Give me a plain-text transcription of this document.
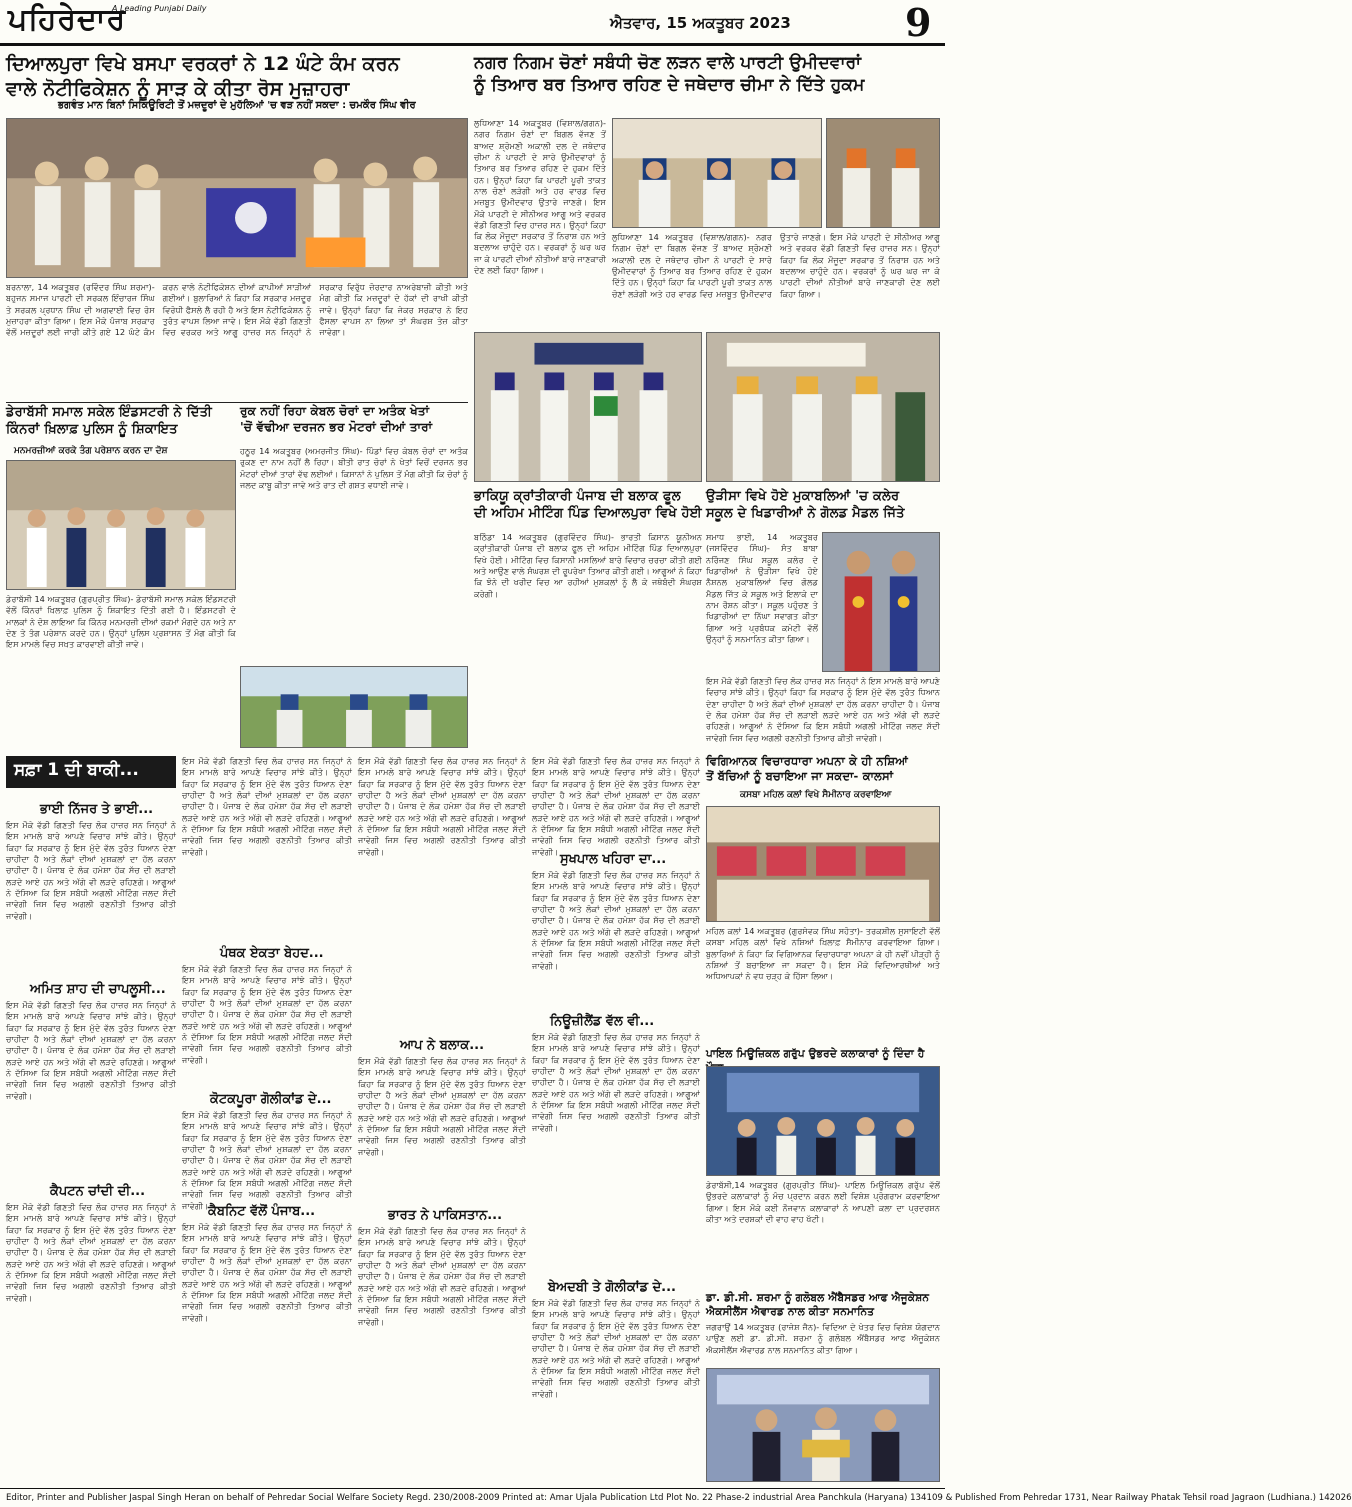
ਪਹਿਰੇਦਾਰ
A Leading Punjabi Daily
ਐਤਵਾਰ, 15 ਅਕਤੂਬਰ 2023	9
ਦਿਆਲਪੁਰਾ ਵਿਖੇ ਬਸਪਾ ਵਰਕਰਾਂ ਨੇ 12 ਘੰਟੇ ਕੰਮ ਕਰਨ
ਵਾਲੇ ਨੋਟੀਫਿਕੇਸ਼ਨ ਨੂੰ ਸਾੜ ਕੇ ਕੀਤਾ ਰੋਸ ਮੁਜ਼ਾਹਰਾ
ਭਗਵੰਤ ਮਾਨ ਬਿਨਾਂ ਸਿਕਿਊਰਿਟੀ ਤੋਂ ਮਜ਼ਦੂਰਾਂ ਦੇ ਮੁਹੱਲਿਆਂ 'ਚ ਵੜ ਨਹੀਂ ਸਕਦਾ : ਚਮਕੌਰ ਸਿੰਘ ਵੀਰ
ਬਰਨਾਲਾ, 14 ਅਕਤੂਬਰ (ਰਵਿੰਦਰ ਸਿੰਘ ਸ਼ਰਮਾ)- ਬਹੁਜਨ ਸਮਾਜ ਪਾਰਟੀ ਦੀ ਸਰਕਲ ਇੰਚਾਰਜ ਸਿੰਘ ਤੇ ਸਰਕਲ ਪ੍ਰਧਾਨ ਸਿੰਘ ਦੀ ਅਗਵਾਈ ਵਿਚ ਰੋਸ ਮੁਜ਼ਾਹਰਾ ਕੀਤਾ ਗਿਆ। ਇਸ ਮੌਕੇ ਪੰਜਾਬ ਸਰਕਾਰ ਵੱਲੋਂ ਮਜ਼ਦੂਰਾਂ ਲਈ ਜਾਰੀ ਕੀਤੇ ਗਏ 12 ਘੰਟੇ ਕੰਮ ਕਰਨ ਵਾਲੇ ਨੋਟੀਫਿਕੇਸ਼ਨ ਦੀਆਂ ਕਾਪੀਆਂ ਸਾੜੀਆਂ ਗਈਆਂ। ਬੁਲਾਰਿਆਂ ਨੇ ਕਿਹਾ ਕਿ ਸਰਕਾਰ ਮਜ਼ਦੂਰ ਵਿਰੋਧੀ ਫੈਸਲੇ ਲੈ ਰਹੀ ਹੈ ਅਤੇ ਇਸ ਨੋਟੀਫਿਕੇਸ਼ਨ ਨੂੰ ਤੁਰੰਤ ਵਾਪਸ ਲਿਆ ਜਾਵੇ। ਇਸ ਮੌਕੇ ਵੱਡੀ ਗਿਣਤੀ ਵਿਚ ਵਰਕਰ ਅਤੇ ਆਗੂ ਹਾਜ਼ਰ ਸਨ ਜਿਨ੍ਹਾਂ ਨੇ ਸਰਕਾਰ ਵਿਰੁੱਧ ਜ਼ੋਰਦਾਰ ਨਾਅਰੇਬਾਜ਼ੀ ਕੀਤੀ ਅਤੇ ਮੰਗ ਕੀਤੀ ਕਿ ਮਜ਼ਦੂਰਾਂ ਦੇ ਹੱਕਾਂ ਦੀ ਰਾਖੀ ਕੀਤੀ ਜਾਵੇ। ਉਨ੍ਹਾਂ ਕਿਹਾ ਕਿ ਜੇਕਰ ਸਰਕਾਰ ਨੇ ਇਹ ਫੈਸਲਾ ਵਾਪਸ ਨਾ ਲਿਆ ਤਾਂ ਸੰਘਰਸ਼ ਤੇਜ਼ ਕੀਤਾ ਜਾਵੇਗਾ।
ਨਗਰ ਨਿਗਮ ਚੋਣਾਂ ਸਬੰਧੀ ਚੋਣ ਲੜਨ ਵਾਲੇ ਪਾਰਟੀ ਉਮੀਦਵਾਰਾਂ
ਨੂੰ ਤਿਆਰ ਬਰ ਤਿਆਰ ਰਹਿਣ ਦੇ ਜਥੇਦਾਰ ਚੀਮਾ ਨੇ ਦਿੱਤੇ ਹੁਕਮ
ਲੁਧਿਆਣਾ 14 ਅਕਤੂਬਰ (ਵਿਸ਼ਾਲ/ਗਗਨ)- ਨਗਰ ਨਿਗਮ ਚੋਣਾਂ ਦਾ ਬਿਗਲ ਵੱਜਣ ਤੋਂ ਬਾਅਦ ਸ਼੍ਰੋਮਣੀ ਅਕਾਲੀ ਦਲ ਦੇ ਜਥੇਦਾਰ ਚੀਮਾ ਨੇ ਪਾਰਟੀ ਦੇ ਸਾਰੇ ਉਮੀਦਵਾਰਾਂ ਨੂੰ ਤਿਆਰ ਬਰ ਤਿਆਰ ਰਹਿਣ ਦੇ ਹੁਕਮ ਦਿੱਤੇ ਹਨ। ਉਨ੍ਹਾਂ ਕਿਹਾ ਕਿ ਪਾਰਟੀ ਪੂਰੀ ਤਾਕਤ ਨਾਲ ਚੋਣਾਂ ਲੜੇਗੀ ਅਤੇ ਹਰ ਵਾਰਡ ਵਿਚ ਮਜ਼ਬੂਤ ਉਮੀਦਵਾਰ ਉਤਾਰੇ ਜਾਣਗੇ। ਇਸ ਮੌਕੇ ਪਾਰਟੀ ਦੇ ਸੀਨੀਅਰ ਆਗੂ ਅਤੇ ਵਰਕਰ ਵੱਡੀ ਗਿਣਤੀ ਵਿਚ ਹਾਜ਼ਰ ਸਨ। ਉਨ੍ਹਾਂ ਕਿਹਾ ਕਿ ਲੋਕ ਮੌਜੂਦਾ ਸਰਕਾਰ ਤੋਂ ਨਿਰਾਸ਼ ਹਨ ਅਤੇ ਬਦਲਾਅ ਚਾਹੁੰਦੇ ਹਨ। ਵਰਕਰਾਂ ਨੂੰ ਘਰ ਘਰ ਜਾ ਕੇ ਪਾਰਟੀ ਦੀਆਂ ਨੀਤੀਆਂ ਬਾਰੇ ਜਾਣਕਾਰੀ ਦੇਣ ਲਈ ਕਿਹਾ ਗਿਆ।
ਲੁਧਿਆਣਾ 14 ਅਕਤੂਬਰ (ਵਿਸ਼ਾਲ/ਗਗਨ)- ਨਗਰ ਨਿਗਮ ਚੋਣਾਂ ਦਾ ਬਿਗਲ ਵੱਜਣ ਤੋਂ ਬਾਅਦ ਸ਼੍ਰੋਮਣੀ ਅਕਾਲੀ ਦਲ ਦੇ ਜਥੇਦਾਰ ਚੀਮਾ ਨੇ ਪਾਰਟੀ ਦੇ ਸਾਰੇ ਉਮੀਦਵਾਰਾਂ ਨੂੰ ਤਿਆਰ ਬਰ ਤਿਆਰ ਰਹਿਣ ਦੇ ਹੁਕਮ ਦਿੱਤੇ ਹਨ। ਉਨ੍ਹਾਂ ਕਿਹਾ ਕਿ ਪਾਰਟੀ ਪੂਰੀ ਤਾਕਤ ਨਾਲ ਚੋਣਾਂ ਲੜੇਗੀ ਅਤੇ ਹਰ ਵਾਰਡ ਵਿਚ ਮਜ਼ਬੂਤ ਉਮੀਦਵਾਰ ਉਤਾਰੇ ਜਾਣਗੇ। ਇਸ ਮੌਕੇ ਪਾਰਟੀ ਦੇ ਸੀਨੀਅਰ ਆਗੂ ਅਤੇ ਵਰਕਰ ਵੱਡੀ ਗਿਣਤੀ ਵਿਚ ਹਾਜ਼ਰ ਸਨ। ਉਨ੍ਹਾਂ ਕਿਹਾ ਕਿ ਲੋਕ ਮੌਜੂਦਾ ਸਰਕਾਰ ਤੋਂ ਨਿਰਾਸ਼ ਹਨ ਅਤੇ ਬਦਲਾਅ ਚਾਹੁੰਦੇ ਹਨ। ਵਰਕਰਾਂ ਨੂੰ ਘਰ ਘਰ ਜਾ ਕੇ ਪਾਰਟੀ ਦੀਆਂ ਨੀਤੀਆਂ ਬਾਰੇ ਜਾਣਕਾਰੀ ਦੇਣ ਲਈ ਕਿਹਾ ਗਿਆ।
ਡੇਰਾਬੱਸੀ ਸਮਾਲ ਸਕੇਲ ਇੰਡਸਟਰੀ ਨੇ ਦਿੱਤੀ
ਕਿੰਨਰਾਂ ਖ਼ਿਲਾਫ਼ ਪੁਲਿਸ ਨੂੰ ਸ਼ਿਕਾਇਤ
ਮਨਮਰਜ਼ੀਆਂ ਕਰਕੇ ਤੰਗ ਪਰੇਸ਼ਾਨ ਕਰਨ ਦਾ ਦੋਸ਼
ਡੇਰਾਬੱਸੀ 14 ਅਕਤੂਬਰ (ਗੁਰਪ੍ਰੀਤ ਸਿੰਘ)- ਡੇਰਾਬੱਸੀ ਸਮਾਲ ਸਕੇਲ ਇੰਡਸਟਰੀ ਵੱਲੋਂ ਕਿੰਨਰਾਂ ਖ਼ਿਲਾਫ਼ ਪੁਲਿਸ ਨੂੰ ਸ਼ਿਕਾਇਤ ਦਿੱਤੀ ਗਈ ਹੈ। ਇੰਡਸਟਰੀ ਦੇ ਮਾਲਕਾਂ ਨੇ ਦੋਸ਼ ਲਾਇਆ ਕਿ ਕਿੰਨਰ ਮਨਮਰਜ਼ੀ ਦੀਆਂ ਰਕਮਾਂ ਮੰਗਦੇ ਹਨ ਅਤੇ ਨਾ ਦੇਣ ਤੇ ਤੰਗ ਪਰੇਸ਼ਾਨ ਕਰਦੇ ਹਨ। ਉਨ੍ਹਾਂ ਪੁਲਿਸ ਪ੍ਰਸ਼ਾਸਨ ਤੋਂ ਮੰਗ ਕੀਤੀ ਕਿ ਇਸ ਮਾਮਲੇ ਵਿਚ ਸਖ਼ਤ ਕਾਰਵਾਈ ਕੀਤੀ ਜਾਵੇ।
ਰੁਕ ਨਹੀਂ ਰਿਹਾ ਕੇਬਲ ਚੋਰਾਂ ਦਾ ਅਤੰਕ ਖੇਤਾਂ
'ਚੋਂ ਵੱਢੀਆ ਦਰਜਨ ਭਰ ਮੋਟਰਾਂ ਦੀਆਂ ਤਾਰਾਂ
ਹਠੂਰ 14 ਅਕਤੂਬਰ (ਅਮਰਜੀਤ ਸਿੰਘ)- ਪਿੰਡਾਂ ਵਿਚ ਕੇਬਲ ਚੋਰਾਂ ਦਾ ਅਤੰਕ ਰੁਕਣ ਦਾ ਨਾਮ ਨਹੀਂ ਲੈ ਰਿਹਾ। ਬੀਤੀ ਰਾਤ ਚੋਰਾਂ ਨੇ ਖੇਤਾਂ ਵਿਚੋਂ ਦਰਜਨ ਭਰ ਮੋਟਰਾਂ ਦੀਆਂ ਤਾਰਾਂ ਵੱਢ ਲਈਆਂ। ਕਿਸਾਨਾਂ ਨੇ ਪੁਲਿਸ ਤੋਂ ਮੰਗ ਕੀਤੀ ਕਿ ਚੋਰਾਂ ਨੂੰ ਜਲਦ ਕਾਬੂ ਕੀਤਾ ਜਾਵੇ ਅਤੇ ਰਾਤ ਦੀ ਗਸ਼ਤ ਵਧਾਈ ਜਾਵੇ।
ਭਾਕਿਯੂ ਕ੍ਰਾਂਤੀਕਾਰੀ ਪੰਜਾਬ ਦੀ ਬਲਾਕ ਫੂਲ
ਦੀ ਅਹਿਮ ਮੀਟਿੰਗ ਪਿੰਡ ਦਿਆਲਪੁਰਾ ਵਿਖੇ ਹੋਈ
ਬਠਿੰਡਾ 14 ਅਕਤੂਬਰ (ਗੁਰਵਿੰਦਰ ਸਿੰਘ)- ਭਾਰਤੀ ਕਿਸਾਨ ਯੂਨੀਅਨ ਕ੍ਰਾਂਤੀਕਾਰੀ ਪੰਜਾਬ ਦੀ ਬਲਾਕ ਫੂਲ ਦੀ ਅਹਿਮ ਮੀਟਿੰਗ ਪਿੰਡ ਦਿਆਲਪੁਰਾ ਵਿਖੇ ਹੋਈ। ਮੀਟਿੰਗ ਵਿਚ ਕਿਸਾਨੀ ਮਸਲਿਆਂ ਬਾਰੇ ਵਿਚਾਰ ਚਰਚਾ ਕੀਤੀ ਗਈ ਅਤੇ ਆਉਣ ਵਾਲੇ ਸੰਘਰਸ਼ ਦੀ ਰੂਪਰੇਖਾ ਤਿਆਰ ਕੀਤੀ ਗਈ। ਆਗੂਆਂ ਨੇ ਕਿਹਾ ਕਿ ਝੋਨੇ ਦੀ ਖਰੀਦ ਵਿਚ ਆ ਰਹੀਆਂ ਮੁਸ਼ਕਲਾਂ ਨੂੰ ਲੈ ਕੇ ਜਥੇਬੰਦੀ ਸੰਘਰਸ਼ ਕਰੇਗੀ।
ਉੜੀਸਾ ਵਿਖੇ ਹੋਏ ਮੁਕਾਬਲਿਆਂ 'ਚ ਕਲੇਰ
ਸਕੂਲ ਦੇ ਖਿਡਾਰੀਆਂ ਨੇ ਗੋਲਡ ਮੈਡਲ ਜਿੱਤੇ
ਸਮਾਧ ਭਾਈ, 14 ਅਕਤੂਬਰ (ਜਸਵਿੰਦਰ ਸਿੰਘ)- ਸੰਤ ਬਾਬਾ ਨਰਿੰਜਣ ਸਿੰਘ ਸਕੂਲ ਕਲੇਰ ਦੇ ਖਿਡਾਰੀਆਂ ਨੇ ਉੜੀਸਾ ਵਿਖੇ ਹੋਏ ਨੈਸ਼ਨਲ ਮੁਕਾਬਲਿਆਂ ਵਿਚ ਗੋਲਡ ਮੈਡਲ ਜਿੱਤ ਕੇ ਸਕੂਲ ਅਤੇ ਇਲਾਕੇ ਦਾ ਨਾਮ ਰੌਸ਼ਨ ਕੀਤਾ। ਸਕੂਲ ਪਹੁੰਚਣ ਤੇ ਖਿਡਾਰੀਆਂ ਦਾ ਨਿੱਘਾ ਸਵਾਗਤ ਕੀਤਾ ਗਿਆ ਅਤੇ ਪ੍ਰਬੰਧਕ ਕਮੇਟੀ ਵੱਲੋਂ ਉਨ੍ਹਾਂ ਨੂੰ ਸਨਮਾਨਿਤ ਕੀਤਾ ਗਿਆ।
ਇਸ ਮੌਕੇ ਵੱਡੀ ਗਿਣਤੀ ਵਿਚ ਲੋਕ ਹਾਜ਼ਰ ਸਨ ਜਿਨ੍ਹਾਂ ਨੇ ਇਸ ਮਾਮਲੇ ਬਾਰੇ ਆਪਣੇ ਵਿਚਾਰ ਸਾਂਝੇ ਕੀਤੇ। ਉਨ੍ਹਾਂ ਕਿਹਾ ਕਿ ਸਰਕਾਰ ਨੂੰ ਇਸ ਮੁੱਦੇ ਵੱਲ ਤੁਰੰਤ ਧਿਆਨ ਦੇਣਾ ਚਾਹੀਦਾ ਹੈ ਅਤੇ ਲੋਕਾਂ ਦੀਆਂ ਮੁਸ਼ਕਲਾਂ ਦਾ ਹੱਲ ਕਰਨਾ ਚਾਹੀਦਾ ਹੈ। ਪੰਜਾਬ ਦੇ ਲੋਕ ਹਮੇਸ਼ਾ ਹੱਕ ਸੱਚ ਦੀ ਲੜਾਈ ਲੜਦੇ ਆਏ ਹਨ ਅਤੇ ਅੱਗੇ ਵੀ ਲੜਦੇ ਰਹਿਣਗੇ। ਆਗੂਆਂ ਨੇ ਦੱਸਿਆ ਕਿ ਇਸ ਸਬੰਧੀ ਅਗਲੀ ਮੀਟਿੰਗ ਜਲਦ ਸੱਦੀ ਜਾਵੇਗੀ ਜਿਸ ਵਿਚ ਅਗਲੀ ਰਣਨੀਤੀ ਤਿਆਰ ਕੀਤੀ ਜਾਵੇਗੀ।
ਵਿਗਿਆਨਕ ਵਿਚਾਰਧਾਰਾ ਅਪਨਾ ਕੇ ਹੀ ਨਸ਼ਿਆਂ
ਤੋਂ ਬੱਚਿਆਂ ਨੂੰ ਬਚਾਇਆ ਜਾ ਸਕਦਾ- ਕਾਲਸਾਂ
ਕਸਬਾ ਮਹਿਲ ਕਲਾਂ ਵਿਖੇ ਸੈਮੀਨਾਰ ਕਰਵਾਇਆ
ਮਹਿਲ ਕਲਾਂ 14 ਅਕਤੂਬਰ (ਗੁਰਸੇਵਕ ਸਿੰਘ ਸਹੋਤਾ)- ਤਰਕਸ਼ੀਲ ਸੁਸਾਇਟੀ ਵੱਲੋਂ ਕਸਬਾ ਮਹਿਲ ਕਲਾਂ ਵਿਖੇ ਨਸ਼ਿਆਂ ਖ਼ਿਲਾਫ਼ ਸੈਮੀਨਾਰ ਕਰਵਾਇਆ ਗਿਆ। ਬੁਲਾਰਿਆਂ ਨੇ ਕਿਹਾ ਕਿ ਵਿਗਿਆਨਕ ਵਿਚਾਰਧਾਰਾ ਅਪਨਾ ਕੇ ਹੀ ਨਵੀਂ ਪੀੜ੍ਹੀ ਨੂੰ ਨਸ਼ਿਆਂ ਤੋਂ ਬਚਾਇਆ ਜਾ ਸਕਦਾ ਹੈ। ਇਸ ਮੌਕੇ ਵਿਦਿਆਰਥੀਆਂ ਅਤੇ ਅਧਿਆਪਕਾਂ ਨੇ ਵਧ ਚੜ੍ਹ ਕੇ ਹਿੱਸਾ ਲਿਆ।
ਸਫ਼ਾ 1 ਦੀ ਬਾਕੀ...
ਭਾਈ ਨਿੱਜਰ ਤੇ ਭਾਈ...
ਇਸ ਮੌਕੇ ਵੱਡੀ ਗਿਣਤੀ ਵਿਚ ਲੋਕ ਹਾਜ਼ਰ ਸਨ ਜਿਨ੍ਹਾਂ ਨੇ ਇਸ ਮਾਮਲੇ ਬਾਰੇ ਆਪਣੇ ਵਿਚਾਰ ਸਾਂਝੇ ਕੀਤੇ। ਉਨ੍ਹਾਂ ਕਿਹਾ ਕਿ ਸਰਕਾਰ ਨੂੰ ਇਸ ਮੁੱਦੇ ਵੱਲ ਤੁਰੰਤ ਧਿਆਨ ਦੇਣਾ ਚਾਹੀਦਾ ਹੈ ਅਤੇ ਲੋਕਾਂ ਦੀਆਂ ਮੁਸ਼ਕਲਾਂ ਦਾ ਹੱਲ ਕਰਨਾ ਚਾਹੀਦਾ ਹੈ। ਪੰਜਾਬ ਦੇ ਲੋਕ ਹਮੇਸ਼ਾ ਹੱਕ ਸੱਚ ਦੀ ਲੜਾਈ ਲੜਦੇ ਆਏ ਹਨ ਅਤੇ ਅੱਗੇ ਵੀ ਲੜਦੇ ਰਹਿਣਗੇ। ਆਗੂਆਂ ਨੇ ਦੱਸਿਆ ਕਿ ਇਸ ਸਬੰਧੀ ਅਗਲੀ ਮੀਟਿੰਗ ਜਲਦ ਸੱਦੀ ਜਾਵੇਗੀ ਜਿਸ ਵਿਚ ਅਗਲੀ ਰਣਨੀਤੀ ਤਿਆਰ ਕੀਤੀ ਜਾਵੇਗੀ।
ਅਮਿਤ ਸ਼ਾਹ ਦੀ ਚਾਪਲੂਸੀ...
ਇਸ ਮੌਕੇ ਵੱਡੀ ਗਿਣਤੀ ਵਿਚ ਲੋਕ ਹਾਜ਼ਰ ਸਨ ਜਿਨ੍ਹਾਂ ਨੇ ਇਸ ਮਾਮਲੇ ਬਾਰੇ ਆਪਣੇ ਵਿਚਾਰ ਸਾਂਝੇ ਕੀਤੇ। ਉਨ੍ਹਾਂ ਕਿਹਾ ਕਿ ਸਰਕਾਰ ਨੂੰ ਇਸ ਮੁੱਦੇ ਵੱਲ ਤੁਰੰਤ ਧਿਆਨ ਦੇਣਾ ਚਾਹੀਦਾ ਹੈ ਅਤੇ ਲੋਕਾਂ ਦੀਆਂ ਮੁਸ਼ਕਲਾਂ ਦਾ ਹੱਲ ਕਰਨਾ ਚਾਹੀਦਾ ਹੈ। ਪੰਜਾਬ ਦੇ ਲੋਕ ਹਮੇਸ਼ਾ ਹੱਕ ਸੱਚ ਦੀ ਲੜਾਈ ਲੜਦੇ ਆਏ ਹਨ ਅਤੇ ਅੱਗੇ ਵੀ ਲੜਦੇ ਰਹਿਣਗੇ। ਆਗੂਆਂ ਨੇ ਦੱਸਿਆ ਕਿ ਇਸ ਸਬੰਧੀ ਅਗਲੀ ਮੀਟਿੰਗ ਜਲਦ ਸੱਦੀ ਜਾਵੇਗੀ ਜਿਸ ਵਿਚ ਅਗਲੀ ਰਣਨੀਤੀ ਤਿਆਰ ਕੀਤੀ ਜਾਵੇਗੀ।
ਕੈਪਟਨ ਚਾਂਦੀ ਦੀ...
ਇਸ ਮੌਕੇ ਵੱਡੀ ਗਿਣਤੀ ਵਿਚ ਲੋਕ ਹਾਜ਼ਰ ਸਨ ਜਿਨ੍ਹਾਂ ਨੇ ਇਸ ਮਾਮਲੇ ਬਾਰੇ ਆਪਣੇ ਵਿਚਾਰ ਸਾਂਝੇ ਕੀਤੇ। ਉਨ੍ਹਾਂ ਕਿਹਾ ਕਿ ਸਰਕਾਰ ਨੂੰ ਇਸ ਮੁੱਦੇ ਵੱਲ ਤੁਰੰਤ ਧਿਆਨ ਦੇਣਾ ਚਾਹੀਦਾ ਹੈ ਅਤੇ ਲੋਕਾਂ ਦੀਆਂ ਮੁਸ਼ਕਲਾਂ ਦਾ ਹੱਲ ਕਰਨਾ ਚਾਹੀਦਾ ਹੈ। ਪੰਜਾਬ ਦੇ ਲੋਕ ਹਮੇਸ਼ਾ ਹੱਕ ਸੱਚ ਦੀ ਲੜਾਈ ਲੜਦੇ ਆਏ ਹਨ ਅਤੇ ਅੱਗੇ ਵੀ ਲੜਦੇ ਰਹਿਣਗੇ। ਆਗੂਆਂ ਨੇ ਦੱਸਿਆ ਕਿ ਇਸ ਸਬੰਧੀ ਅਗਲੀ ਮੀਟਿੰਗ ਜਲਦ ਸੱਦੀ ਜਾਵੇਗੀ ਜਿਸ ਵਿਚ ਅਗਲੀ ਰਣਨੀਤੀ ਤਿਆਰ ਕੀਤੀ ਜਾਵੇਗੀ।
ਇਸ ਮੌਕੇ ਵੱਡੀ ਗਿਣਤੀ ਵਿਚ ਲੋਕ ਹਾਜ਼ਰ ਸਨ ਜਿਨ੍ਹਾਂ ਨੇ ਇਸ ਮਾਮਲੇ ਬਾਰੇ ਆਪਣੇ ਵਿਚਾਰ ਸਾਂਝੇ ਕੀਤੇ। ਉਨ੍ਹਾਂ ਕਿਹਾ ਕਿ ਸਰਕਾਰ ਨੂੰ ਇਸ ਮੁੱਦੇ ਵੱਲ ਤੁਰੰਤ ਧਿਆਨ ਦੇਣਾ ਚਾਹੀਦਾ ਹੈ ਅਤੇ ਲੋਕਾਂ ਦੀਆਂ ਮੁਸ਼ਕਲਾਂ ਦਾ ਹੱਲ ਕਰਨਾ ਚਾਹੀਦਾ ਹੈ। ਪੰਜਾਬ ਦੇ ਲੋਕ ਹਮੇਸ਼ਾ ਹੱਕ ਸੱਚ ਦੀ ਲੜਾਈ ਲੜਦੇ ਆਏ ਹਨ ਅਤੇ ਅੱਗੇ ਵੀ ਲੜਦੇ ਰਹਿਣਗੇ। ਆਗੂਆਂ ਨੇ ਦੱਸਿਆ ਕਿ ਇਸ ਸਬੰਧੀ ਅਗਲੀ ਮੀਟਿੰਗ ਜਲਦ ਸੱਦੀ ਜਾਵੇਗੀ ਜਿਸ ਵਿਚ ਅਗਲੀ ਰਣਨੀਤੀ ਤਿਆਰ ਕੀਤੀ ਜਾਵੇਗੀ।
ਪੰਥਕ ਏਕਤਾ ਬੇਹਦ...
ਇਸ ਮੌਕੇ ਵੱਡੀ ਗਿਣਤੀ ਵਿਚ ਲੋਕ ਹਾਜ਼ਰ ਸਨ ਜਿਨ੍ਹਾਂ ਨੇ ਇਸ ਮਾਮਲੇ ਬਾਰੇ ਆਪਣੇ ਵਿਚਾਰ ਸਾਂਝੇ ਕੀਤੇ। ਉਨ੍ਹਾਂ ਕਿਹਾ ਕਿ ਸਰਕਾਰ ਨੂੰ ਇਸ ਮੁੱਦੇ ਵੱਲ ਤੁਰੰਤ ਧਿਆਨ ਦੇਣਾ ਚਾਹੀਦਾ ਹੈ ਅਤੇ ਲੋਕਾਂ ਦੀਆਂ ਮੁਸ਼ਕਲਾਂ ਦਾ ਹੱਲ ਕਰਨਾ ਚਾਹੀਦਾ ਹੈ। ਪੰਜਾਬ ਦੇ ਲੋਕ ਹਮੇਸ਼ਾ ਹੱਕ ਸੱਚ ਦੀ ਲੜਾਈ ਲੜਦੇ ਆਏ ਹਨ ਅਤੇ ਅੱਗੇ ਵੀ ਲੜਦੇ ਰਹਿਣਗੇ। ਆਗੂਆਂ ਨੇ ਦੱਸਿਆ ਕਿ ਇਸ ਸਬੰਧੀ ਅਗਲੀ ਮੀਟਿੰਗ ਜਲਦ ਸੱਦੀ ਜਾਵੇਗੀ ਜਿਸ ਵਿਚ ਅਗਲੀ ਰਣਨੀਤੀ ਤਿਆਰ ਕੀਤੀ ਜਾਵੇਗੀ।
ਕੋਟਕਪੂਰਾ ਗੋਲੀਕਾਂਡ ਦੇ...
ਇਸ ਮੌਕੇ ਵੱਡੀ ਗਿਣਤੀ ਵਿਚ ਲੋਕ ਹਾਜ਼ਰ ਸਨ ਜਿਨ੍ਹਾਂ ਨੇ ਇਸ ਮਾਮਲੇ ਬਾਰੇ ਆਪਣੇ ਵਿਚਾਰ ਸਾਂਝੇ ਕੀਤੇ। ਉਨ੍ਹਾਂ ਕਿਹਾ ਕਿ ਸਰਕਾਰ ਨੂੰ ਇਸ ਮੁੱਦੇ ਵੱਲ ਤੁਰੰਤ ਧਿਆਨ ਦੇਣਾ ਚਾਹੀਦਾ ਹੈ ਅਤੇ ਲੋਕਾਂ ਦੀਆਂ ਮੁਸ਼ਕਲਾਂ ਦਾ ਹੱਲ ਕਰਨਾ ਚਾਹੀਦਾ ਹੈ। ਪੰਜਾਬ ਦੇ ਲੋਕ ਹਮੇਸ਼ਾ ਹੱਕ ਸੱਚ ਦੀ ਲੜਾਈ ਲੜਦੇ ਆਏ ਹਨ ਅਤੇ ਅੱਗੇ ਵੀ ਲੜਦੇ ਰਹਿਣਗੇ। ਆਗੂਆਂ ਨੇ ਦੱਸਿਆ ਕਿ ਇਸ ਸਬੰਧੀ ਅਗਲੀ ਮੀਟਿੰਗ ਜਲਦ ਸੱਦੀ ਜਾਵੇਗੀ ਜਿਸ ਵਿਚ ਅਗਲੀ ਰਣਨੀਤੀ ਤਿਆਰ ਕੀਤੀ ਜਾਵੇਗੀ। ਕੈਬਨਿਟ ਵੱਲੋਂ ਪੰਜਾਬ...
ਇਸ ਮੌਕੇ ਵੱਡੀ ਗਿਣਤੀ ਵਿਚ ਲੋਕ ਹਾਜ਼ਰ ਸਨ ਜਿਨ੍ਹਾਂ ਨੇ ਇਸ ਮਾਮਲੇ ਬਾਰੇ ਆਪਣੇ ਵਿਚਾਰ ਸਾਂਝੇ ਕੀਤੇ। ਉਨ੍ਹਾਂ ਕਿਹਾ ਕਿ ਸਰਕਾਰ ਨੂੰ ਇਸ ਮੁੱਦੇ ਵੱਲ ਤੁਰੰਤ ਧਿਆਨ ਦੇਣਾ ਚਾਹੀਦਾ ਹੈ ਅਤੇ ਲੋਕਾਂ ਦੀਆਂ ਮੁਸ਼ਕਲਾਂ ਦਾ ਹੱਲ ਕਰਨਾ ਚਾਹੀਦਾ ਹੈ। ਪੰਜਾਬ ਦੇ ਲੋਕ ਹਮੇਸ਼ਾ ਹੱਕ ਸੱਚ ਦੀ ਲੜਾਈ ਲੜਦੇ ਆਏ ਹਨ ਅਤੇ ਅੱਗੇ ਵੀ ਲੜਦੇ ਰਹਿਣਗੇ। ਆਗੂਆਂ ਨੇ ਦੱਸਿਆ ਕਿ ਇਸ ਸਬੰਧੀ ਅਗਲੀ ਮੀਟਿੰਗ ਜਲਦ ਸੱਦੀ ਜਾਵੇਗੀ ਜਿਸ ਵਿਚ ਅਗਲੀ ਰਣਨੀਤੀ ਤਿਆਰ ਕੀਤੀ ਜਾਵੇਗੀ।
ਇਸ ਮੌਕੇ ਵੱਡੀ ਗਿਣਤੀ ਵਿਚ ਲੋਕ ਹਾਜ਼ਰ ਸਨ ਜਿਨ੍ਹਾਂ ਨੇ ਇਸ ਮਾਮਲੇ ਬਾਰੇ ਆਪਣੇ ਵਿਚਾਰ ਸਾਂਝੇ ਕੀਤੇ। ਉਨ੍ਹਾਂ ਕਿਹਾ ਕਿ ਸਰਕਾਰ ਨੂੰ ਇਸ ਮੁੱਦੇ ਵੱਲ ਤੁਰੰਤ ਧਿਆਨ ਦੇਣਾ ਚਾਹੀਦਾ ਹੈ ਅਤੇ ਲੋਕਾਂ ਦੀਆਂ ਮੁਸ਼ਕਲਾਂ ਦਾ ਹੱਲ ਕਰਨਾ ਚਾਹੀਦਾ ਹੈ। ਪੰਜਾਬ ਦੇ ਲੋਕ ਹਮੇਸ਼ਾ ਹੱਕ ਸੱਚ ਦੀ ਲੜਾਈ ਲੜਦੇ ਆਏ ਹਨ ਅਤੇ ਅੱਗੇ ਵੀ ਲੜਦੇ ਰਹਿਣਗੇ। ਆਗੂਆਂ ਨੇ ਦੱਸਿਆ ਕਿ ਇਸ ਸਬੰਧੀ ਅਗਲੀ ਮੀਟਿੰਗ ਜਲਦ ਸੱਦੀ ਜਾਵੇਗੀ ਜਿਸ ਵਿਚ ਅਗਲੀ ਰਣਨੀਤੀ ਤਿਆਰ ਕੀਤੀ ਜਾਵੇਗੀ।
ਆਪ ਨੇ ਬਲਾਕ...
ਇਸ ਮੌਕੇ ਵੱਡੀ ਗਿਣਤੀ ਵਿਚ ਲੋਕ ਹਾਜ਼ਰ ਸਨ ਜਿਨ੍ਹਾਂ ਨੇ ਇਸ ਮਾਮਲੇ ਬਾਰੇ ਆਪਣੇ ਵਿਚਾਰ ਸਾਂਝੇ ਕੀਤੇ। ਉਨ੍ਹਾਂ ਕਿਹਾ ਕਿ ਸਰਕਾਰ ਨੂੰ ਇਸ ਮੁੱਦੇ ਵੱਲ ਤੁਰੰਤ ਧਿਆਨ ਦੇਣਾ ਚਾਹੀਦਾ ਹੈ ਅਤੇ ਲੋਕਾਂ ਦੀਆਂ ਮੁਸ਼ਕਲਾਂ ਦਾ ਹੱਲ ਕਰਨਾ ਚਾਹੀਦਾ ਹੈ। ਪੰਜਾਬ ਦੇ ਲੋਕ ਹਮੇਸ਼ਾ ਹੱਕ ਸੱਚ ਦੀ ਲੜਾਈ ਲੜਦੇ ਆਏ ਹਨ ਅਤੇ ਅੱਗੇ ਵੀ ਲੜਦੇ ਰਹਿਣਗੇ। ਆਗੂਆਂ ਨੇ ਦੱਸਿਆ ਕਿ ਇਸ ਸਬੰਧੀ ਅਗਲੀ ਮੀਟਿੰਗ ਜਲਦ ਸੱਦੀ ਜਾਵੇਗੀ ਜਿਸ ਵਿਚ ਅਗਲੀ ਰਣਨੀਤੀ ਤਿਆਰ ਕੀਤੀ ਜਾਵੇਗੀ।
ਭਾਰਤ ਨੇ ਪਾਕਿਸਤਾਨ...
ਇਸ ਮੌਕੇ ਵੱਡੀ ਗਿਣਤੀ ਵਿਚ ਲੋਕ ਹਾਜ਼ਰ ਸਨ ਜਿਨ੍ਹਾਂ ਨੇ ਇਸ ਮਾਮਲੇ ਬਾਰੇ ਆਪਣੇ ਵਿਚਾਰ ਸਾਂਝੇ ਕੀਤੇ। ਉਨ੍ਹਾਂ ਕਿਹਾ ਕਿ ਸਰਕਾਰ ਨੂੰ ਇਸ ਮੁੱਦੇ ਵੱਲ ਤੁਰੰਤ ਧਿਆਨ ਦੇਣਾ ਚਾਹੀਦਾ ਹੈ ਅਤੇ ਲੋਕਾਂ ਦੀਆਂ ਮੁਸ਼ਕਲਾਂ ਦਾ ਹੱਲ ਕਰਨਾ ਚਾਹੀਦਾ ਹੈ। ਪੰਜਾਬ ਦੇ ਲੋਕ ਹਮੇਸ਼ਾ ਹੱਕ ਸੱਚ ਦੀ ਲੜਾਈ ਲੜਦੇ ਆਏ ਹਨ ਅਤੇ ਅੱਗੇ ਵੀ ਲੜਦੇ ਰਹਿਣਗੇ। ਆਗੂਆਂ ਨੇ ਦੱਸਿਆ ਕਿ ਇਸ ਸਬੰਧੀ ਅਗਲੀ ਮੀਟਿੰਗ ਜਲਦ ਸੱਦੀ ਜਾਵੇਗੀ ਜਿਸ ਵਿਚ ਅਗਲੀ ਰਣਨੀਤੀ ਤਿਆਰ ਕੀਤੀ ਜਾਵੇਗੀ।
ਇਸ ਮੌਕੇ ਵੱਡੀ ਗਿਣਤੀ ਵਿਚ ਲੋਕ ਹਾਜ਼ਰ ਸਨ ਜਿਨ੍ਹਾਂ ਨੇ ਇਸ ਮਾਮਲੇ ਬਾਰੇ ਆਪਣੇ ਵਿਚਾਰ ਸਾਂਝੇ ਕੀਤੇ। ਉਨ੍ਹਾਂ ਕਿਹਾ ਕਿ ਸਰਕਾਰ ਨੂੰ ਇਸ ਮੁੱਦੇ ਵੱਲ ਤੁਰੰਤ ਧਿਆਨ ਦੇਣਾ ਚਾਹੀਦਾ ਹੈ ਅਤੇ ਲੋਕਾਂ ਦੀਆਂ ਮੁਸ਼ਕਲਾਂ ਦਾ ਹੱਲ ਕਰਨਾ ਚਾਹੀਦਾ ਹੈ। ਪੰਜਾਬ ਦੇ ਲੋਕ ਹਮੇਸ਼ਾ ਹੱਕ ਸੱਚ ਦੀ ਲੜਾਈ ਲੜਦੇ ਆਏ ਹਨ ਅਤੇ ਅੱਗੇ ਵੀ ਲੜਦੇ ਰਹਿਣਗੇ। ਆਗੂਆਂ ਨੇ ਦੱਸਿਆ ਕਿ ਇਸ ਸਬੰਧੀ ਅਗਲੀ ਮੀਟਿੰਗ ਜਲਦ ਸੱਦੀ ਜਾਵੇਗੀ ਜਿਸ ਵਿਚ ਅਗਲੀ ਰਣਨੀਤੀ ਤਿਆਰ ਕੀਤੀ ਜਾਵੇਗੀ।
ਸੁਖਪਾਲ ਖਹਿਰਾ ਦਾ...
ਇਸ ਮੌਕੇ ਵੱਡੀ ਗਿਣਤੀ ਵਿਚ ਲੋਕ ਹਾਜ਼ਰ ਸਨ ਜਿਨ੍ਹਾਂ ਨੇ ਇਸ ਮਾਮਲੇ ਬਾਰੇ ਆਪਣੇ ਵਿਚਾਰ ਸਾਂਝੇ ਕੀਤੇ। ਉਨ੍ਹਾਂ ਕਿਹਾ ਕਿ ਸਰਕਾਰ ਨੂੰ ਇਸ ਮੁੱਦੇ ਵੱਲ ਤੁਰੰਤ ਧਿਆਨ ਦੇਣਾ ਚਾਹੀਦਾ ਹੈ ਅਤੇ ਲੋਕਾਂ ਦੀਆਂ ਮੁਸ਼ਕਲਾਂ ਦਾ ਹੱਲ ਕਰਨਾ ਚਾਹੀਦਾ ਹੈ। ਪੰਜਾਬ ਦੇ ਲੋਕ ਹਮੇਸ਼ਾ ਹੱਕ ਸੱਚ ਦੀ ਲੜਾਈ ਲੜਦੇ ਆਏ ਹਨ ਅਤੇ ਅੱਗੇ ਵੀ ਲੜਦੇ ਰਹਿਣਗੇ। ਆਗੂਆਂ ਨੇ ਦੱਸਿਆ ਕਿ ਇਸ ਸਬੰਧੀ ਅਗਲੀ ਮੀਟਿੰਗ ਜਲਦ ਸੱਦੀ ਜਾਵੇਗੀ ਜਿਸ ਵਿਚ ਅਗਲੀ ਰਣਨੀਤੀ ਤਿਆਰ ਕੀਤੀ ਜਾਵੇਗੀ।
ਨਿਊਜ਼ੀਲੈਂਡ ਵੱਲ ਵੀ...
ਇਸ ਮੌਕੇ ਵੱਡੀ ਗਿਣਤੀ ਵਿਚ ਲੋਕ ਹਾਜ਼ਰ ਸਨ ਜਿਨ੍ਹਾਂ ਨੇ ਇਸ ਮਾਮਲੇ ਬਾਰੇ ਆਪਣੇ ਵਿਚਾਰ ਸਾਂਝੇ ਕੀਤੇ। ਉਨ੍ਹਾਂ ਕਿਹਾ ਕਿ ਸਰਕਾਰ ਨੂੰ ਇਸ ਮੁੱਦੇ ਵੱਲ ਤੁਰੰਤ ਧਿਆਨ ਦੇਣਾ ਚਾਹੀਦਾ ਹੈ ਅਤੇ ਲੋਕਾਂ ਦੀਆਂ ਮੁਸ਼ਕਲਾਂ ਦਾ ਹੱਲ ਕਰਨਾ ਚਾਹੀਦਾ ਹੈ। ਪੰਜਾਬ ਦੇ ਲੋਕ ਹਮੇਸ਼ਾ ਹੱਕ ਸੱਚ ਦੀ ਲੜਾਈ ਲੜਦੇ ਆਏ ਹਨ ਅਤੇ ਅੱਗੇ ਵੀ ਲੜਦੇ ਰਹਿਣਗੇ। ਆਗੂਆਂ ਨੇ ਦੱਸਿਆ ਕਿ ਇਸ ਸਬੰਧੀ ਅਗਲੀ ਮੀਟਿੰਗ ਜਲਦ ਸੱਦੀ ਜਾਵੇਗੀ ਜਿਸ ਵਿਚ ਅਗਲੀ ਰਣਨੀਤੀ ਤਿਆਰ ਕੀਤੀ ਜਾਵੇਗੀ।
ਬੇਅਦਬੀ ਤੇ ਗੋਲੀਕਾਂਡ ਦੇ...
ਇਸ ਮੌਕੇ ਵੱਡੀ ਗਿਣਤੀ ਵਿਚ ਲੋਕ ਹਾਜ਼ਰ ਸਨ ਜਿਨ੍ਹਾਂ ਨੇ ਇਸ ਮਾਮਲੇ ਬਾਰੇ ਆਪਣੇ ਵਿਚਾਰ ਸਾਂਝੇ ਕੀਤੇ। ਉਨ੍ਹਾਂ ਕਿਹਾ ਕਿ ਸਰਕਾਰ ਨੂੰ ਇਸ ਮੁੱਦੇ ਵੱਲ ਤੁਰੰਤ ਧਿਆਨ ਦੇਣਾ ਚਾਹੀਦਾ ਹੈ ਅਤੇ ਲੋਕਾਂ ਦੀਆਂ ਮੁਸ਼ਕਲਾਂ ਦਾ ਹੱਲ ਕਰਨਾ ਚਾਹੀਦਾ ਹੈ। ਪੰਜਾਬ ਦੇ ਲੋਕ ਹਮੇਸ਼ਾ ਹੱਕ ਸੱਚ ਦੀ ਲੜਾਈ ਲੜਦੇ ਆਏ ਹਨ ਅਤੇ ਅੱਗੇ ਵੀ ਲੜਦੇ ਰਹਿਣਗੇ। ਆਗੂਆਂ ਨੇ ਦੱਸਿਆ ਕਿ ਇਸ ਸਬੰਧੀ ਅਗਲੀ ਮੀਟਿੰਗ ਜਲਦ ਸੱਦੀ ਜਾਵੇਗੀ ਜਿਸ ਵਿਚ ਅਗਲੀ ਰਣਨੀਤੀ ਤਿਆਰ ਕੀਤੀ ਜਾਵੇਗੀ।
ਪਾਇਲ ਮਿਊਜ਼ਿਕਲ ਗਰੁੱਪ ਉਭਰਦੇ ਕਲਾਕਾਰਾਂ ਨੂੰ ਦਿੰਦਾ ਹੈ
ਡੇਰਾਬੱਸੀ,14 ਅਕਤੂਬਰ (ਗੁਰਪ੍ਰੀਤ ਸਿੰਘ)- ਪਾਇਲ ਮਿਊਜ਼ਿਕਲ ਗਰੁੱਪ ਵੱਲੋਂ ਉਭਰਦੇ ਕਲਾਕਾਰਾਂ ਨੂੰ ਮੰਚ ਪ੍ਰਦਾਨ ਕਰਨ ਲਈ ਵਿਸ਼ੇਸ਼ ਪ੍ਰੋਗਰਾਮ ਕਰਵਾਇਆ ਗਿਆ। ਇਸ ਮੌਕੇ ਕਈ ਨੌਜਵਾਨ ਕਲਾਕਾਰਾਂ ਨੇ ਆਪਣੀ ਕਲਾ ਦਾ ਪ੍ਰਦਰਸ਼ਨ ਕੀਤਾ ਅਤੇ ਦਰਸ਼ਕਾਂ ਦੀ ਵਾਹ ਵਾਹ ਖੱਟੀ।
ਡਾ. ਡੀ.ਸੀ. ਸ਼ਰਮਾ ਨੂੰ ਗਲੋਬਲ ਐਂਬੈਸਡਰ ਆਫ ਐਜੂਕੇਸ਼ਨ
ਐਕਸੀਲੈਂਸ ਐਵਾਰਡ ਨਾਲ ਕੀਤਾ ਸਨਮਾਨਿਤ
ਜਗਰਾਉਂ 14 ਅਕਤੂਬਰ (ਰਾਜੇਸ਼ ਜੈਨ)- ਵਿਦਿਆ ਦੇ ਖੇਤਰ ਵਿਚ ਵਿਸ਼ੇਸ਼ ਯੋਗਦਾਨ ਪਾਉਣ ਲਈ ਡਾ. ਡੀ.ਸੀ. ਸ਼ਰਮਾ ਨੂੰ ਗਲੋਬਲ ਐਂਬੈਸਡਰ ਆਫ ਐਜੂਕੇਸ਼ਨ ਐਕਸੀਲੈਂਸ ਐਵਾਰਡ ਨਾਲ ਸਨਮਾਨਿਤ ਕੀਤਾ ਗਿਆ।
Editor, Printer and Publisher Jaspal Singh Heran on behalf of Pehredar Social Welfare Society Regd. 230/2008-2009 Printed at: Amar Ujala Publication Ltd Plot No. 22 Phase-2 industrial Area Panchkula (Haryana) 134109 & Published From Pehredar 1731, Near Railway Phatak Tehsil road Jagraon (Ludhiana.) 142026
